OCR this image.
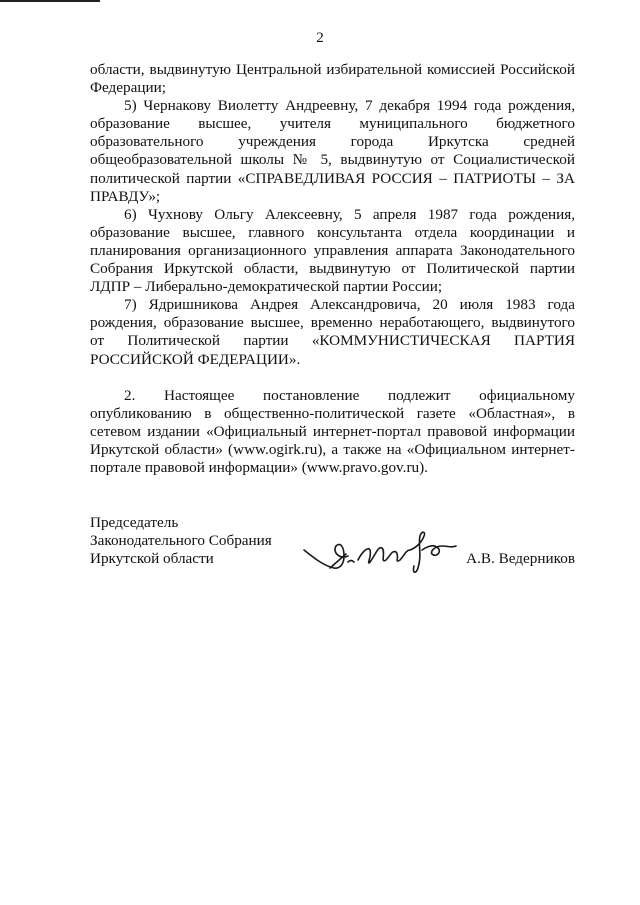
2

области, выдвинутую Центральной избирательной комиссией Российской Федерации;

5) Чернакову Виолетту Андреевну, 7 декабря 1994 года рождения, образование высшее, учителя муниципального бюджетного образовательного учреждения города Иркутска средней общеобразовательной школы № 5, выдвинутую от Социалистической политической партии «СПРАВЕДЛИВАЯ РОССИЯ – ПАТРИОТЫ – ЗА ПРАВДУ»;

6) Чухнову Ольгу Алексеевну, 5 апреля 1987 года рождения, образование высшее, главного консультанта отдела координации и планирования организационного управления аппарата Законодательного Собрания Иркутской области, выдвинутую от Политической партии ЛДПР – Либерально-демократической партии России;

7) Ядришникова Андрея Александровича, 20 июля 1983 года рождения, образование высшее, временно неработающего, выдвинутого от Политической партии «КОММУНИСТИЧЕСКАЯ ПАРТИЯ РОССИЙСКОЙ ФЕДЕРАЦИИ».

2. Настоящее постановление подлежит официальному опубликованию в общественно-политической газете «Областная», в сетевом издании «Официальный интернет-портал правовой информации Иркутской области» (www.ogirk.ru), а также на «Официальном интернет-портале правовой информации» (www.pravo.gov.ru).

Председатель
Законодательного Собрания
Иркутской области	А.В. Ведерников
